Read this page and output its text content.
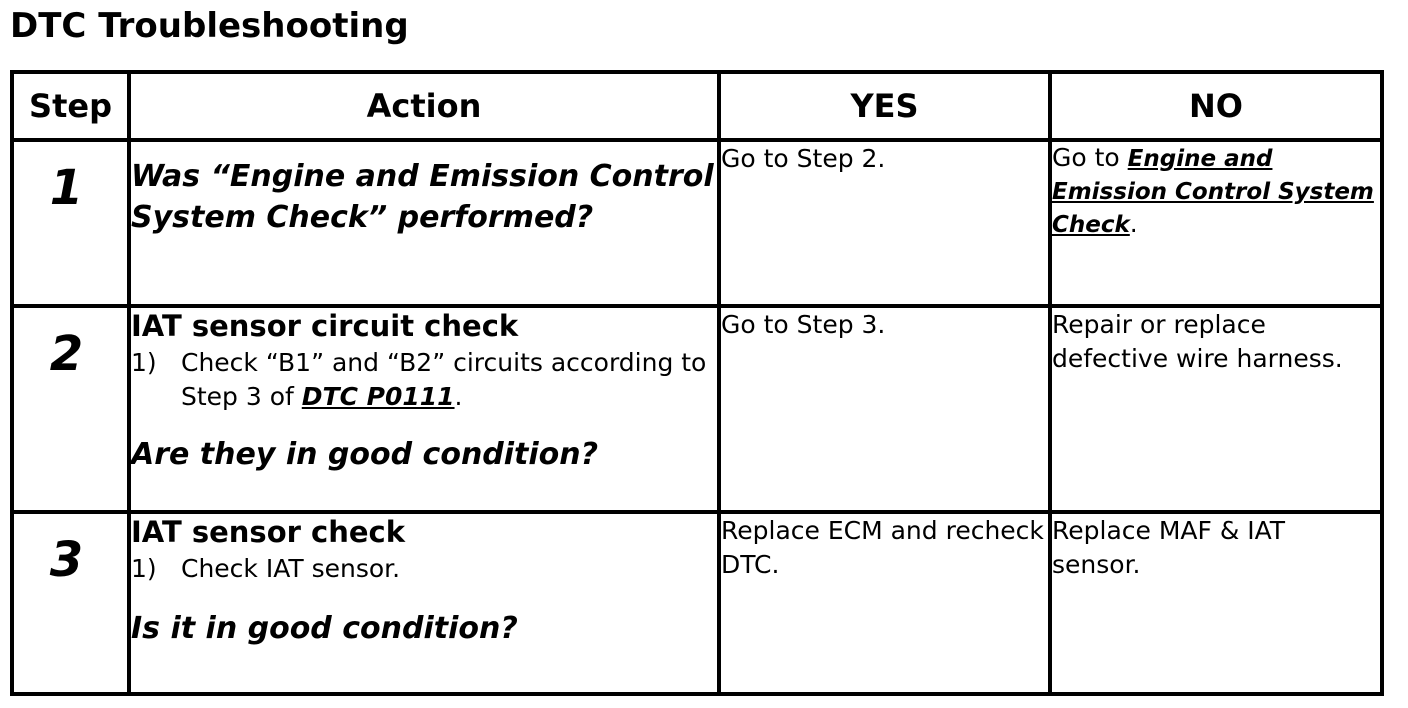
DTC Troubleshooting
Step	Action	YES	NO

1	Was “Engine and Emission Control System Check” performed?	Go to Step 2.	Go to Engine and Emission Control System Check.

2	IAT sensor circuit check
1) Check “B1” and “B2” circuits according to Step 3 of DTC P0111.
Are they in good condition?	Go to Step 3.	Repair or replace defective wire harness.

3	IAT sensor check
1) Check IAT sensor.
Is it in good condition?	Replace ECM and recheck DTC.	Replace MAF & IAT sensor.
